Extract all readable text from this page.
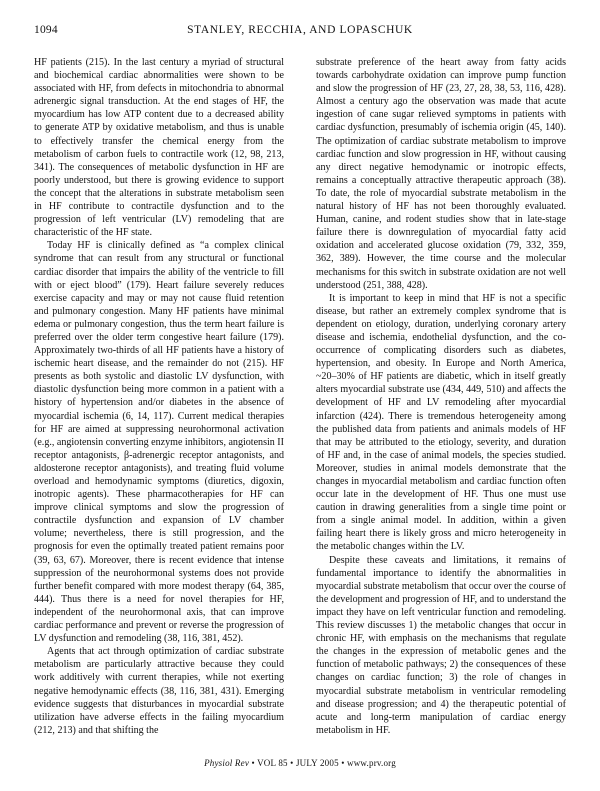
1094	STANLEY, RECCHIA, AND LOPASCHUK

HF patients (215). In the last century a myriad of structural and biochemical cardiac abnormalities were shown to be associated with HF, from defects in mitochondria to abnormal adrenergic signal transduction. At the end stages of HF, the myocardium has low ATP content due to a decreased ability to generate ATP by oxidative metabolism, and thus is unable to effectively transfer the chemical energy from the metabolism of carbon fuels to contractile work (12, 98, 213, 341). The consequences of metabolic dysfunction in HF are poorly understood, but there is growing evidence to support the concept that the alterations in substrate metabolism seen in HF contribute to contractile dysfunction and to the progression of left ventricular (LV) remodeling that are characteristic of the HF state.

Today HF is clinically defined as “a complex clinical syndrome that can result from any structural or functional cardiac disorder that impairs the ability of the ventricle to fill with or eject blood” (179). Heart failure severely reduces exercise capacity and may or may not cause fluid retention and pulmonary congestion. Many HF patients have minimal edema or pulmonary congestion, thus the term heart failure is preferred over the older term congestive heart failure (179). Approximately two-thirds of all HF patients have a history of ischemic heart disease, and the remainder do not (215). HF presents as both systolic and diastolic LV dysfunction, with diastolic dysfunction being more common in a patient with a history of hypertension and/or diabetes in the absence of myocardial ischemia (6, 14, 117). Current medical therapies for HF are aimed at suppressing neurohormonal activation (e.g., angiotensin converting enzyme inhibitors, angiotensin II receptor antagonists, β-adrenergic receptor antagonists, and aldosterone receptor antagonists), and treating fluid volume overload and hemodynamic symptoms (diuretics, digoxin, inotropic agents). These pharmacotherapies for HF can improve clinical symptoms and slow the progression of contractile dysfunction and expansion of LV chamber volume; nevertheless, there is still progression, and the prognosis for even the optimally treated patient remains poor (39, 63, 67). Moreover, there is recent evidence that intense suppression of the neurohormonal systems does not provide further benefit compared with more modest therapy (64, 385, 444). Thus there is a need for novel therapies for HF, independent of the neurohormonal axis, that can improve cardiac performance and prevent or reverse the progression of LV dysfunction and remodeling (38, 116, 381, 452).

Agents that act through optimization of cardiac substrate metabolism are particularly attractive because they could work additively with current therapies, while not exerting negative hemodynamic effects (38, 116, 381, 431). Emerging evidence suggests that disturbances in myocardial substrate utilization have adverse effects in the failing myocardium (212, 213) and that shifting the

substrate preference of the heart away from fatty acids towards carbohydrate oxidation can improve pump function and slow the progression of HF (23, 27, 28, 38, 53, 116, 428). Almost a century ago the observation was made that acute ingestion of cane sugar relieved symptoms in patients with cardiac dysfunction, presumably of ischemia origin (45, 140). The optimization of cardiac substrate metabolism to improve cardiac function and slow progression in HF, without causing any direct negative hemodynamic or inotropic effects, remains a conceptually attractive therapeutic approach (38). To date, the role of myocardial substrate metabolism in the natural history of HF has not been thoroughly evaluated. Human, canine, and rodent studies show that in late-stage failure there is downregulation of myocardial fatty acid oxidation and accelerated glucose oxidation (79, 332, 359, 362, 389). However, the time course and the molecular mechanisms for this switch in substrate oxidation are not well understood (251, 388, 428).

It is important to keep in mind that HF is not a specific disease, but rather an extremely complex syndrome that is dependent on etiology, duration, underlying coronary artery disease and ischemia, endothelial dysfunction, and the co-occurrence of complicating disorders such as diabetes, hypertension, and obesity. In Europe and North America, ~20–30% of HF patients are diabetic, which in itself greatly alters myocardial substrate use (434, 449, 510) and affects the development of HF and LV remodeling after myocardial infarction (424). There is tremendous heterogeneity among the published data from patients and animals models of HF that may be attributed to the etiology, severity, and duration of HF and, in the case of animal models, the species studied. Moreover, studies in animal models demonstrate that the changes in myocardial metabolism and cardiac function often occur late in the development of HF. Thus one must use caution in drawing generalities from a single time point or from a single animal model. In addition, within a given failing heart there is likely gross and micro heterogeneity in the metabolic changes within the LV.

Despite these caveats and limitations, it remains of fundamental importance to identify the abnormalities in myocardial substrate metabolism that occur over the course of the development and progression of HF, and to understand the impact they have on left ventricular function and remodeling. This review discusses 1) the metabolic changes that occur in chronic HF, with emphasis on the mechanisms that regulate the changes in the expression of metabolic genes and the function of metabolic pathways; 2) the consequences of these changes on cardiac function; 3) the role of changes in myocardial substrate metabolism in ventricular remodeling and disease progression; and 4) the therapeutic potential of acute and long-term manipulation of cardiac energy metabolism in HF.

Physiol Rev • VOL 85 • JULY 2005 • www.prv.org
